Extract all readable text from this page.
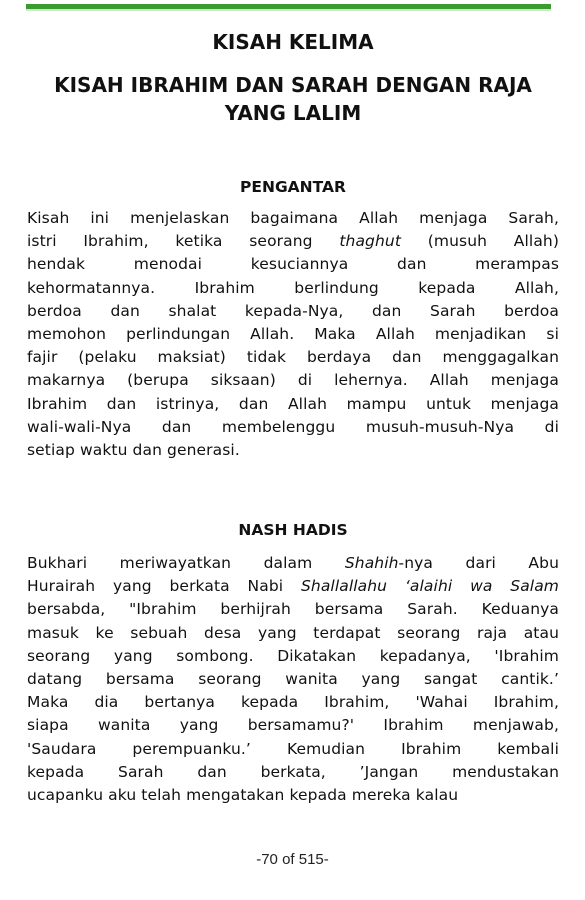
KISAH KELIMA
KISAH IBRAHIM DAN SARAH DENGAN RAJA
YANG LALIM
PENGANTAR

Kisah ini menjelaskan bagaimana Allah menjaga Sarah,
istri Ibrahim, ketika seorang thaghut (musuh Allah)
hendak menodai kesuciannya dan merampas
kehormatannya. Ibrahim berlindung kepada Allah,
berdoa dan shalat kepada-Nya, dan Sarah berdoa
memohon perlindungan Allah. Maka Allah menjadikan si
fajir (pelaku maksiat) tidak berdaya dan menggagalkan
makarnya (berupa siksaan) di lehernya. Allah menjaga
Ibrahim dan istrinya, dan Allah mampu untuk menjaga
wali-wali-Nya dan membelenggu musuh-musuh-Nya di
setiap waktu dan generasi.

NASH HADIS

Bukhari meriwayatkan dalam Shahih-nya dari Abu
Hurairah yang berkata Nabi Shallallahu ‘alaihi wa Salam
bersabda, "Ibrahim berhijrah bersama Sarah. Keduanya
masuk ke sebuah desa yang terdapat seorang raja atau
seorang yang sombong. Dikatakan kepadanya, 'Ibrahim
datang bersama seorang wanita yang sangat cantik.’
Maka dia bertanya kepada Ibrahim, 'Wahai Ibrahim,
siapa wanita yang bersamamu?' Ibrahim menjawab,
'Saudara perempuanku.’ Kemudian Ibrahim kembali
kepada Sarah dan berkata, ’Jangan mendustakan
ucapanku aku telah mengatakan kepada mereka kalau

-70 of 515-
